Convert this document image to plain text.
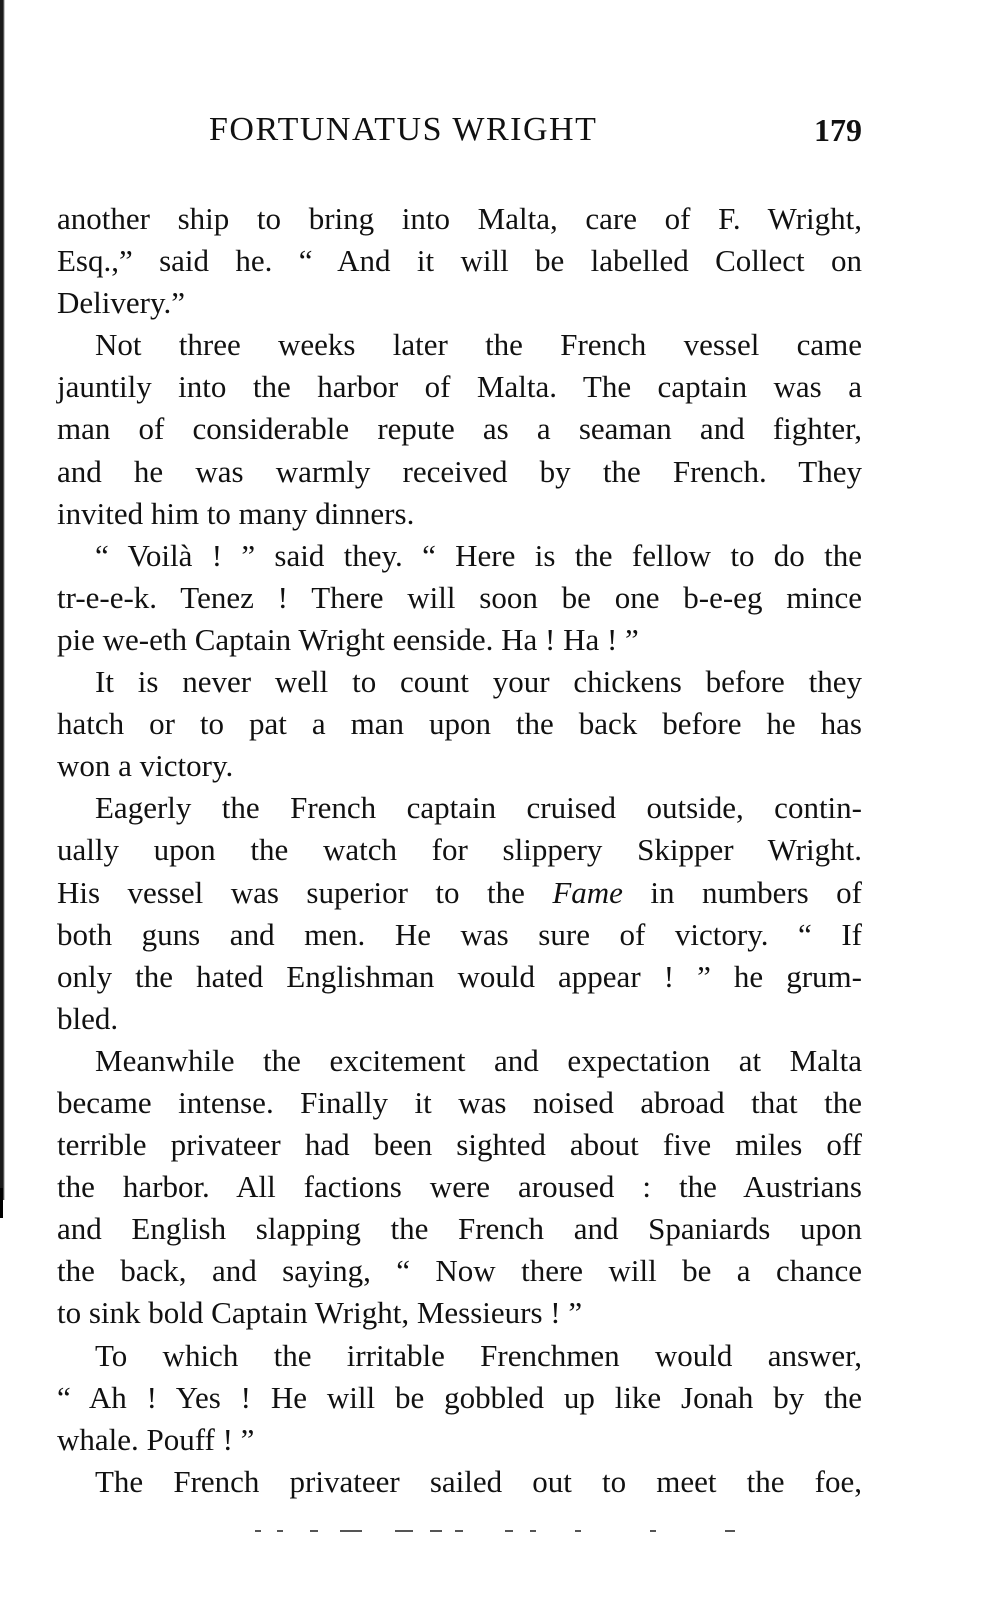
FORTUNATUS WRIGHT	179
another ship to bring into Malta, care of F. Wright,
Esq.,” said he. “ And it will be labelled Collect on
Delivery.”
Not three weeks later the French vessel came
jauntily into the harbor of Malta. The captain was a
man of considerable repute as a seaman and fighter,
and he was warmly received by the French. They
invited him to many dinners.
“ Voilà ! ” said they. “ Here is the fellow to do the
tr-e-e-k. Tenez ! There will soon be one b-e-eg mince
pie we-eth Captain Wright eenside. Ha ! Ha ! ”
It is never well to count your chickens before they
hatch or to pat a man upon the back before he has
won a victory.
Eagerly the French captain cruised outside, contin-
ually upon the watch for slippery Skipper Wright.
His vessel was superior to the Fame in numbers of
both guns and men. He was sure of victory. “ If
only the hated Englishman would appear ! ” he grum-
bled.
Meanwhile the excitement and expectation at Malta
became intense. Finally it was noised abroad that the
terrible privateer had been sighted about five miles off
the harbor. All factions were aroused : the Austrians
and English slapping the French and Spaniards upon
the back, and saying, “ Now there will be a chance
to sink bold Captain Wright, Messieurs ! ”
To which the irritable Frenchmen would answer,
“ Ah ! Yes ! He will be gobbled up like Jonah by the
whale. Pouff ! ”
The French privateer sailed out to meet the foe,
